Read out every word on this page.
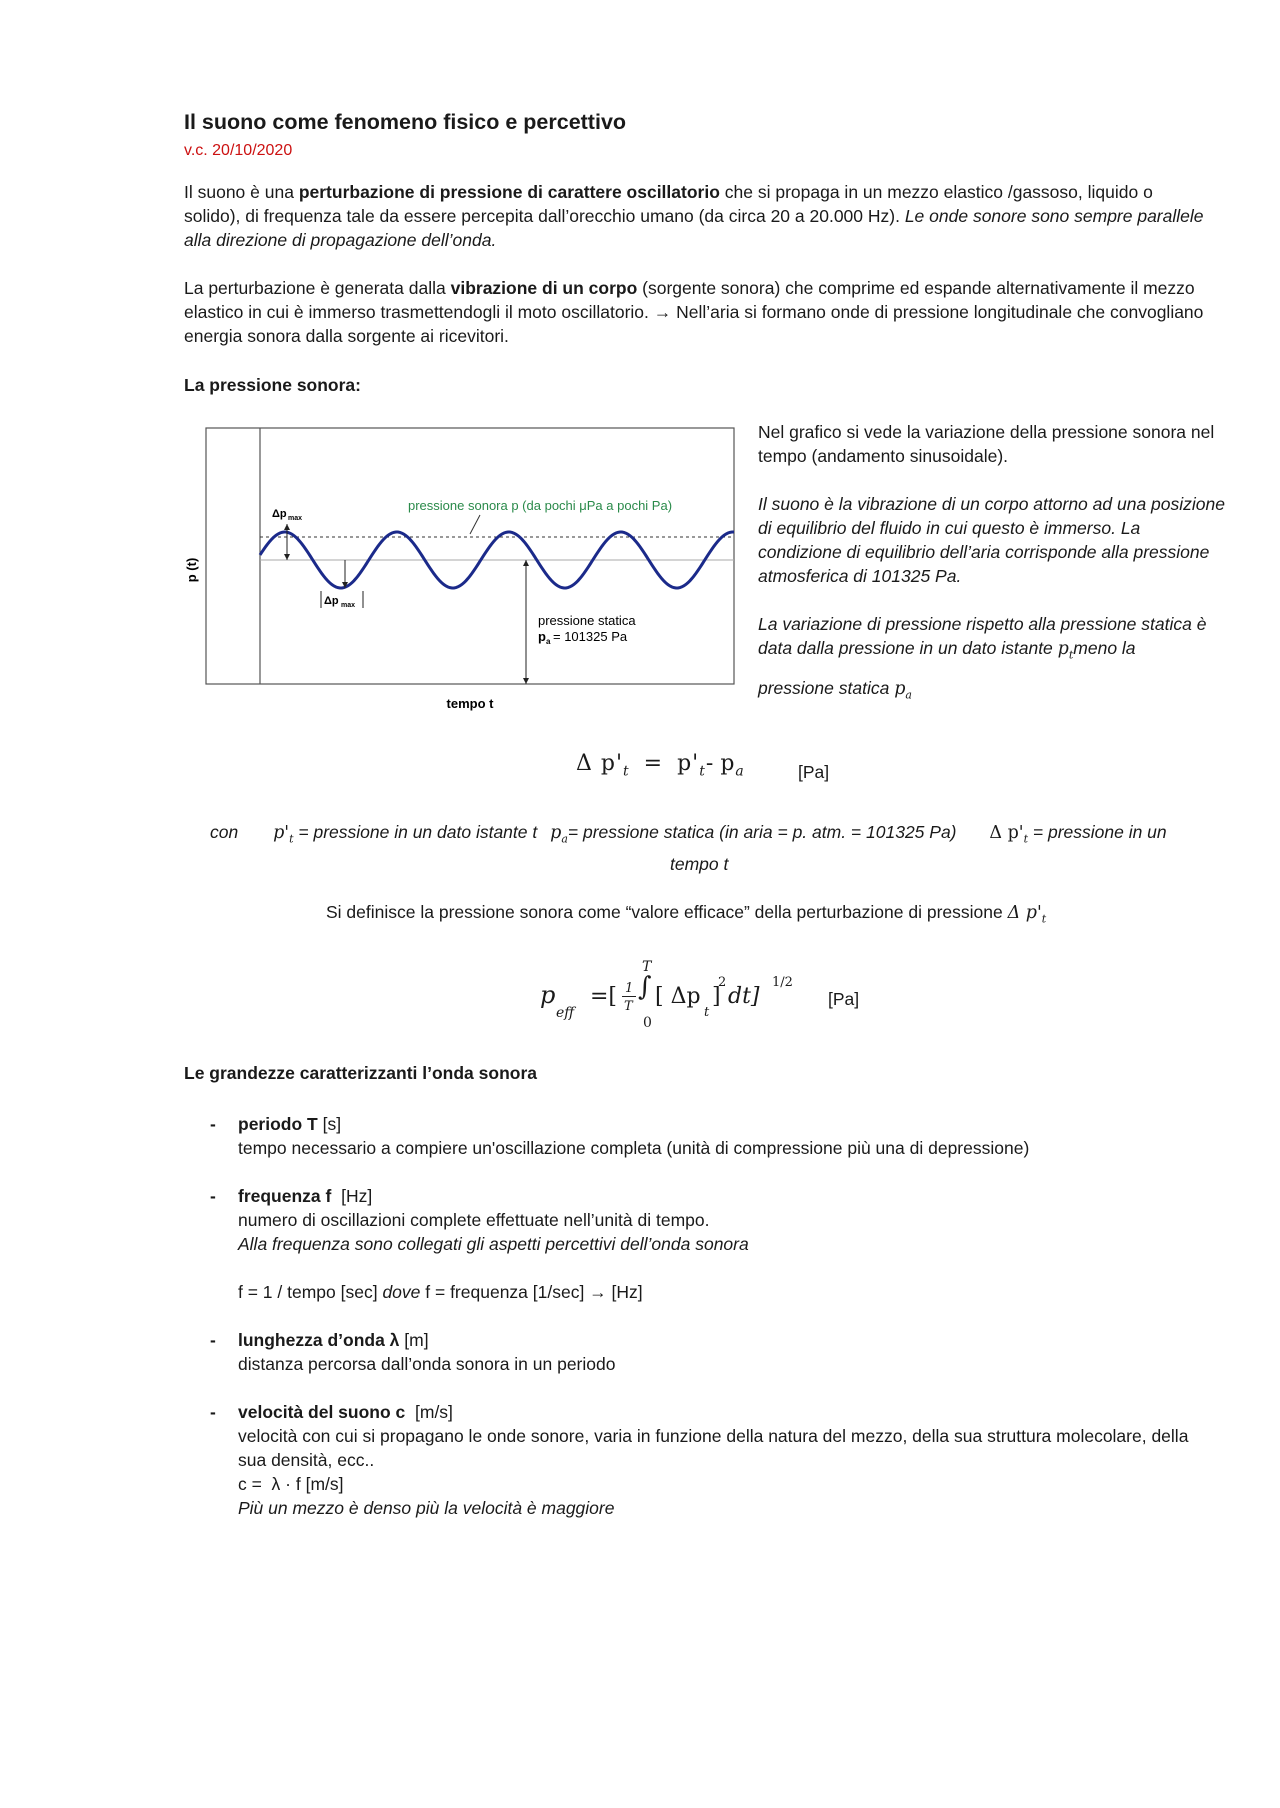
Il suono come fenomeno fisico e percettivo
v.c. 20/10/2020
Il suono è una perturbazione di pressione di carattere oscillatorio che si propaga in un mezzo elastico /gassoso, liquido o solido), di frequenza tale da essere percepita dall’orecchio umano (da circa 20 a 20.000 Hz). Le onde sonore sono sempre parallele alla direzione di propagazione dell’onda.
La perturbazione è generata dalla vibrazione di un corpo (sorgente sonora) che comprime ed espande alternativamente il mezzo elastico in cui è immerso trasmettendogli il moto oscillatorio. → Nell’aria si formano onde di pressione longitudinale che convogliano energia sonora dalla sorgente ai ricevitori.
La pressione sonora:
p (t)
tempo t
pressione sonora p (da pochi μPa a pochi Pa)
Δp max
Δp max
pressione statica
p a = 101325 Pa
Nel grafico si vede la variazione della pressione sonora nel tempo (andamento sinusoidale).
Il suono è la vibrazione di un corpo attorno ad una posizione di equilibrio del fluido in cui questo è immerso. La condizione di equilibrio dell’aria corrisponde alla pressione atmosferica di 101325 Pa.
La variazione di pressione rispetto alla pressione statica è data dalla pressione in un dato istante $p_tmeno$ la
pressione statica $p_a$
Δ $p'_t = p'_t-$ $p_a$	[Pa]
con $p'_t$ = pressione in un dato istante t $p_a=$ pressione statica (in aria = p. atm. = 101325 Pa) Δ $p'_t$ = pressione in un
tempo t
Si definisce la pressione sonora come “valore efficace” della perturbazione di pressione Δ $p'_t$
p
eff
=[ 1
T
T
∫
0
[ Δp
t
]
2
dt]
1/2
[Pa]
Le grandezze caratterizzanti l’onda sonora
- periodo T [s]
tempo necessario a compiere un'oscillazione completa (unità di compressione più una di depressione)
- frequenza f  [Hz]
numero di oscillazioni complete effettuate nell’unità di tempo.
Alla frequenza sono collegati gli aspetti percettivi dell’onda sonora
f = 1 / tempo [sec] dove f = frequenza [1/sec] → [Hz]
- lunghezza d’onda λ [m]
distanza percorsa dall’onda sonora in un periodo
- velocità del suono c  [m/s]
velocità con cui si propagano le onde sonore, varia in funzione della natura del mezzo, della sua struttura molecolare, della sua densità, ecc..
c =  λ · f [m/s]
Più un mezzo è denso più la velocità è maggiore
